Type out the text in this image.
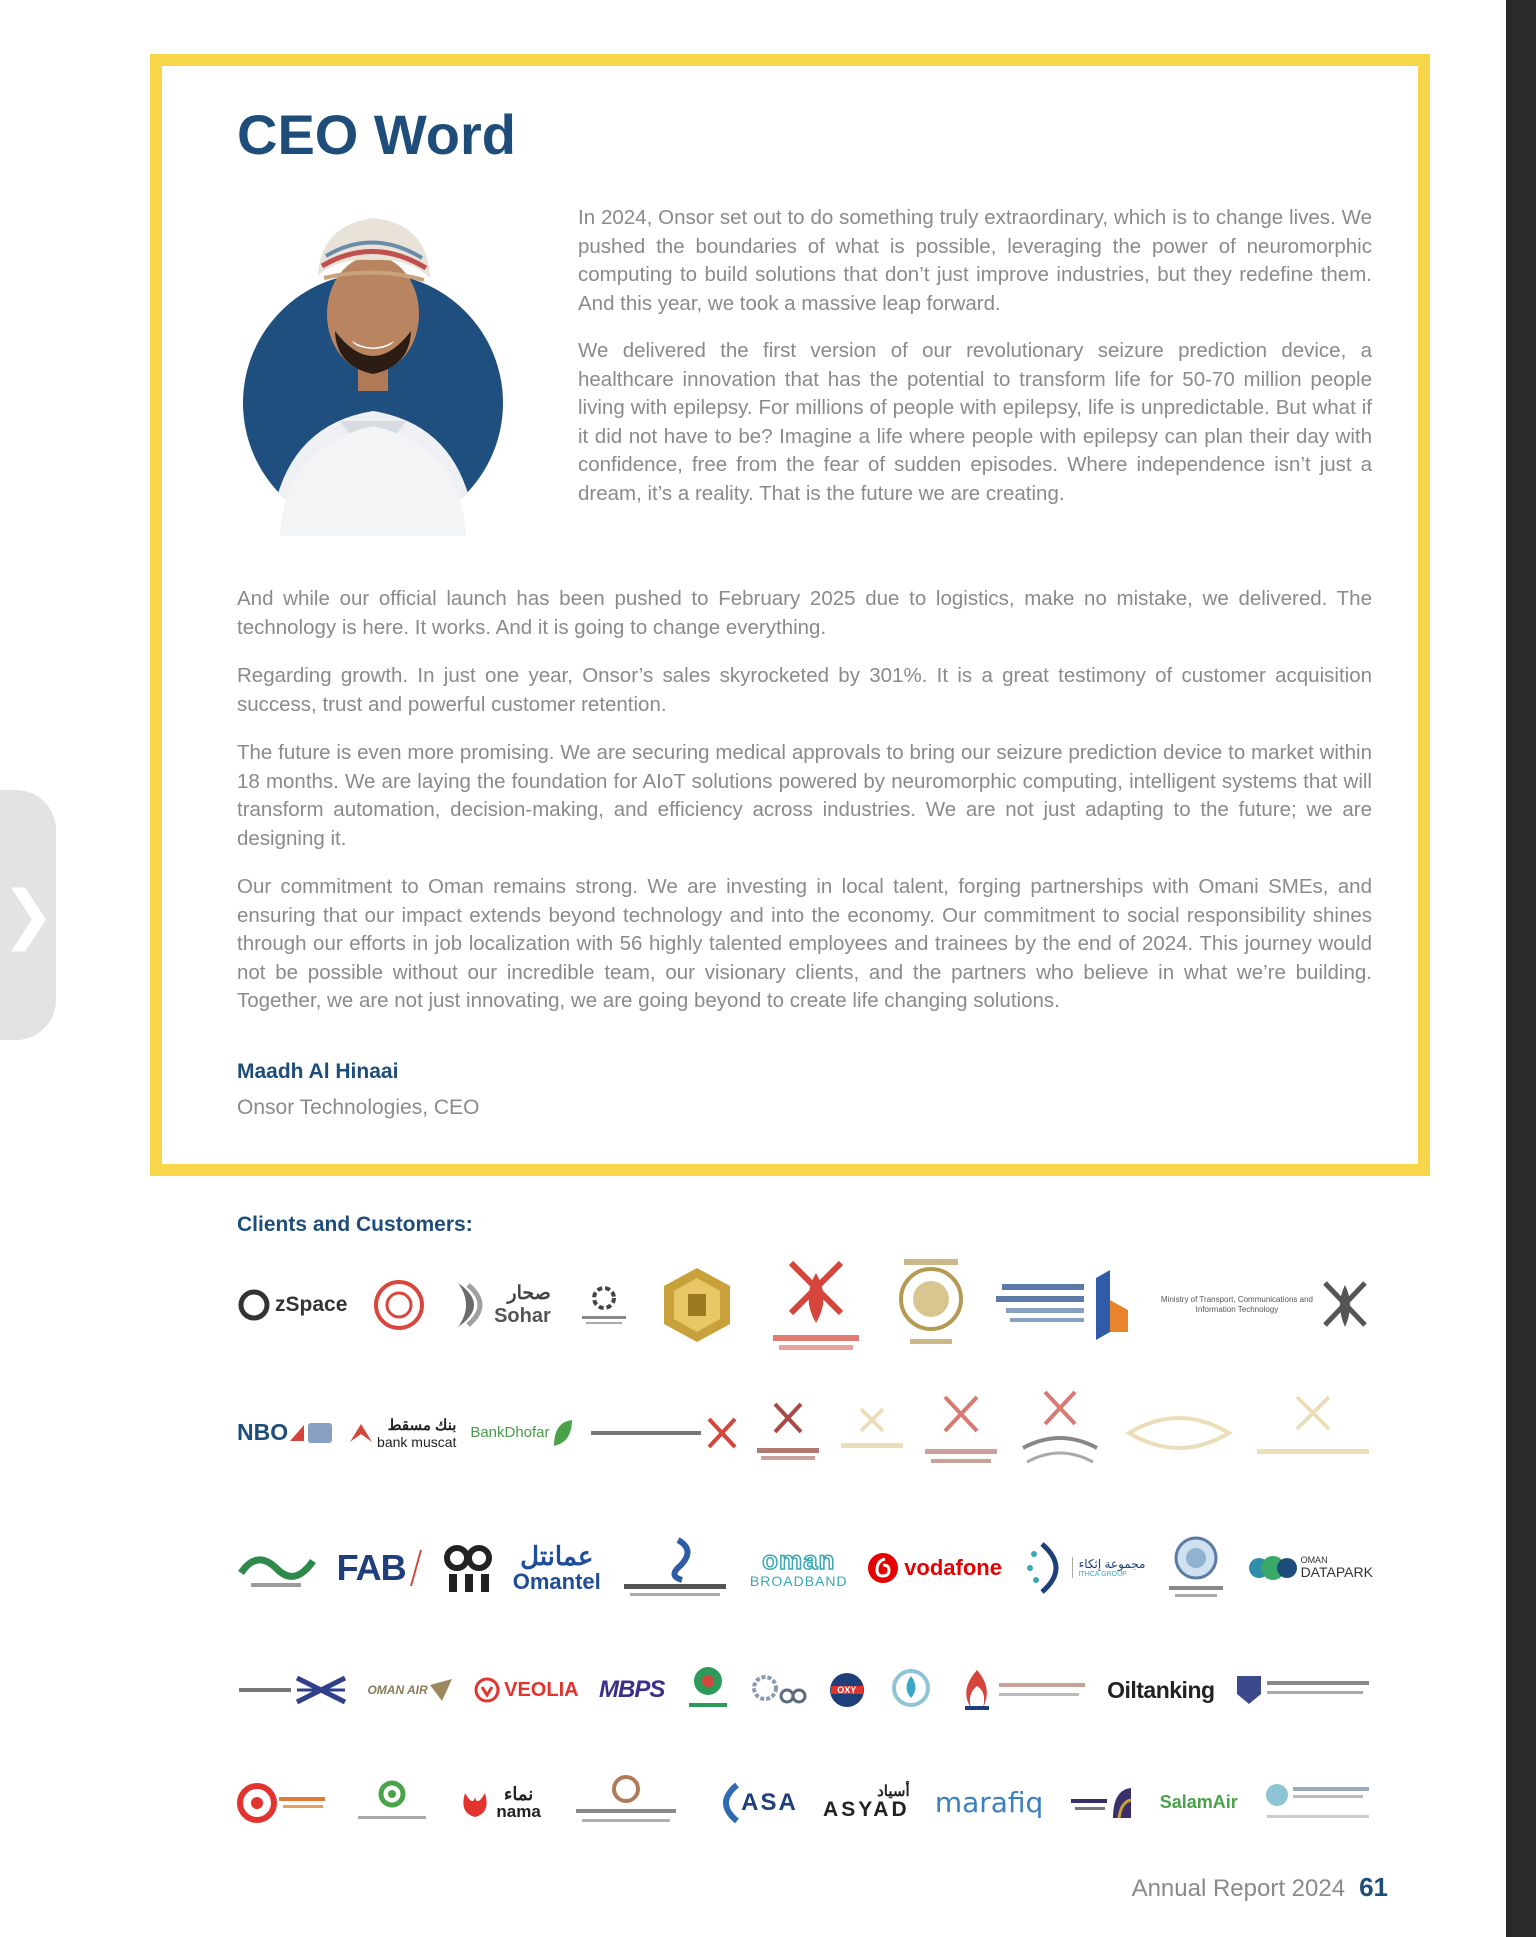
❯
CEO Word

In 2024, Onsor set out to do something truly extraordinary, which is to change lives. We pushed the boundaries of what is possible, leveraging the power of neuromorphic computing to build solutions that don’t just improve industries, but they redefine them. And this year, we took a massive leap forward.

We delivered the first version of our revolutionary seizure prediction device, a healthcare innovation that has the potential to transform life for 50-70 million people living with epilepsy. For millions of people with epilepsy, life is unpredictable. But what if it did not have to be? Imagine a life where people with epilepsy can plan their day with confidence, free from the fear of sudden episodes. Where independence isn’t just a dream, it’s a reality. That is the future we are creating.

And while our official launch has been pushed to February 2025 due to logistics, make no mistake, we delivered. The technology is here. It works. And it is going to change everything.

Regarding growth. In just one year, Onsor’s sales skyrocketed by 301%. It is a great testimony of customer acquisition success, trust and powerful customer retention.

The future is even more promising. We are securing medical approvals to bring our seizure prediction device to market within 18 months. We are laying the foundation for AIoT solutions powered by neuromorphic computing, intelligent systems that will transform automation, decision-making, and efficiency across industries. We are not just adapting to the future; we are designing it.

Our commitment to Oman remains strong. We are investing in local talent, forging partnerships with Omani SMEs, and ensuring that our impact extends beyond technology and into the economy. Our commitment to social responsibility shines through our efforts in job localization with 56 highly talented employees and trainees by the end of 2024. This journey would not be possible without our incredible team, our visionary clients, and the partners who believe in what we’re building. Together, we are not just innovating, we are going beyond to create life changing solutions.

Maadh Al Hinaai
Onsor Technologies, CEO
Clients and Customers:
zSpace	صحار
Sohar
Ministry of Transport, Communications and Information Technology
NBO	بنك مسقط
bank muscat
BankDhofar
FAB	عمانتل
Omantel
oman
BROADBAND
vodafone	مجموعة إثكاء
ITHCA GROUP
OMAN
DATAPARK
OMAN AIR	VEOLIA MBPS	OXY	Oiltanking
نماء
nama	ASA	أسياد
ASYAD marafiq	SalamAir
Annual Report 2024 61
